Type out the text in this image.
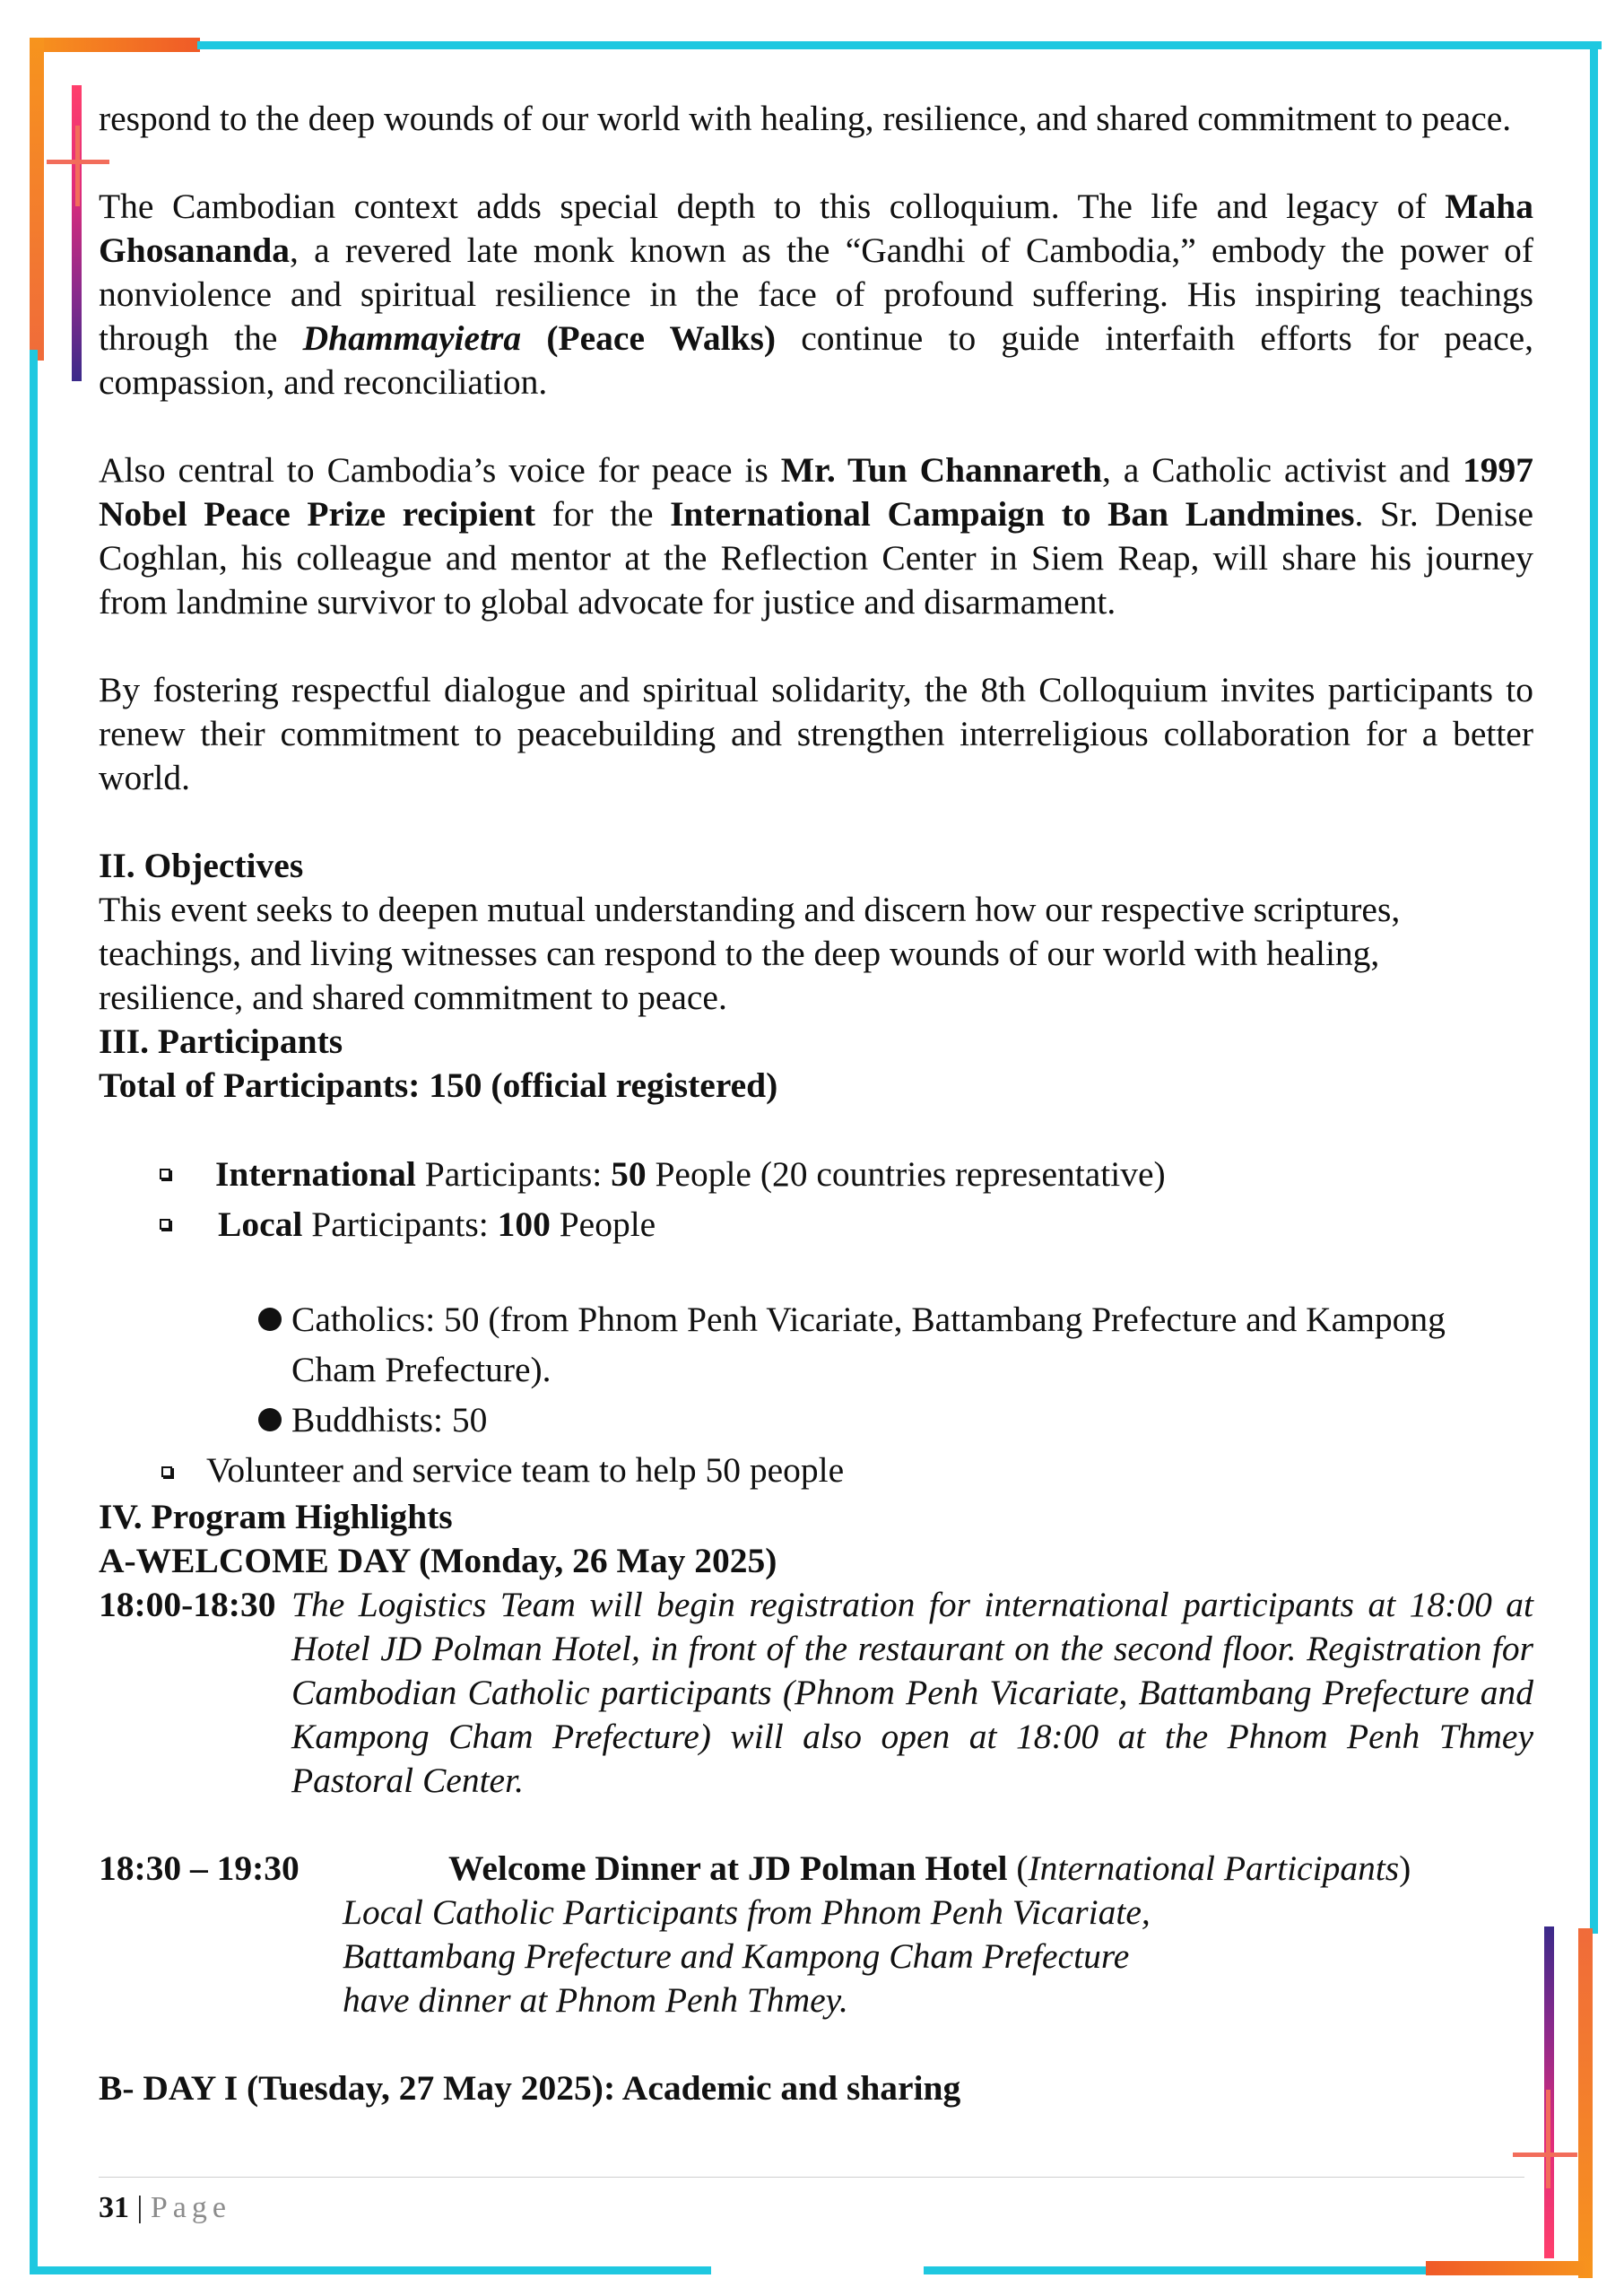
respond to the deep wounds of our world with healing, resilience, and shared commitment to peace.

The Cambodian context adds special depth to this colloquium. The life and legacy of Maha Ghosananda, a revered late monk known as the “Gandhi of Cambodia,” embody the power of nonviolence and spiritual resilience in the face of profound suffering. His inspiring teachings through the Dhammayietra (Peace Walks) continue to guide interfaith efforts for peace, compassion, and reconciliation.

Also central to Cambodia’s voice for peace is Mr. Tun Channareth, a Catholic activist and 1997 Nobel Peace Prize recipient for the International Campaign to Ban Landmines. Sr. Denise Coghlan, his colleague and mentor at the Reflection Center in Siem Reap, will share his journey from landmine survivor to global advocate for justice and disarmament.

By fostering respectful dialogue and spiritual solidarity, the 8th Colloquium invites participants to renew their commitment to peacebuilding and strengthen interreligious collaboration for a better world.

II. Objectives

This event seeks to deepen mutual understanding and discern how our respective scriptures, teachings, and living witnesses can respond to the deep wounds of our world with healing, resilience, and shared commitment to peace.

III. Participants

Total of Participants: 150 (official registered)

International Participants: 50 People (20 countries representative)
Local Participants: 100 People
Catholics: 50 (from Phnom Penh Vicariate, Battambang Prefecture and Kampong Cham Prefecture).
Buddhists: 50
Volunteer and service team to help 50 people

IV. Program Highlights

A-WELCOME DAY (Monday, 26 May 2025)

18:00-18:30 The Logistics Team will begin registration for international participants at 18:00 at Hotel JD Polman Hotel, in front of the restaurant on the second floor. Registration for Cambodian Catholic participants (Phnom Penh Vicariate, Battambang Prefecture and Kampong Cham Prefecture) will also open at 18:00 at the Phnom Penh Thmey Pastoral Center.
18:30 – 19:30	Welcome Dinner at JD Polman Hotel (International Participants)
Local Catholic Participants from Phnom Penh Vicariate, Battambang Prefecture and Kampong Cham Prefecture have dinner at Phnom Penh Thmey.

B- DAY I (Tuesday, 27 May 2025): Academic and sharing

31 | Page
